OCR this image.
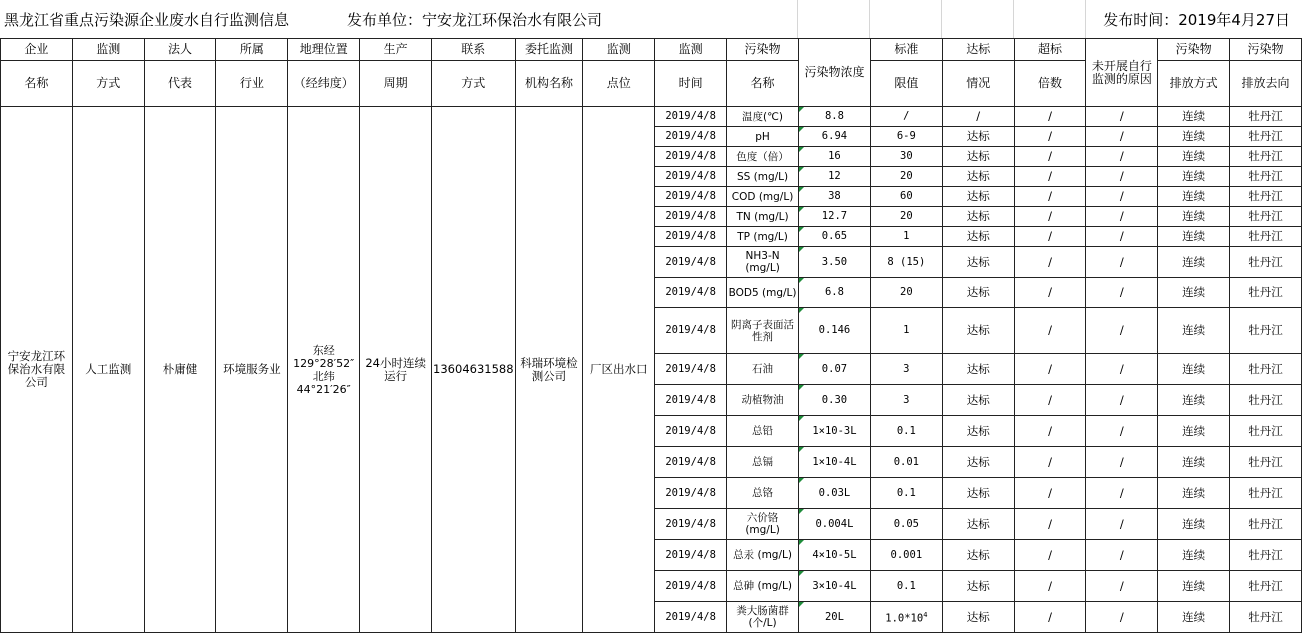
黑龙江省重点污染源企业废水自行监测信息	发布单位：宁安龙江环保治水有限公司	发布时间：2019年4月27日
企业	监测	法人	所属	地理位置	生产	联系	委托监测	监测	监测	污染物	污染物浓度	标准	达标	超标	未开展自行监测的原因	污染物	污染物
名称	方式	代表	行业	（经纬度）	周期	方式	机构名称	点位	时间	名称		限值	情况	倍数		排放方式	排放去向
宁安龙江环保治水有限公司	人工监测	朴庸健	环境服务业	东经
129°28′52″北纬
44°21′26″	24小时连续运行	13604631588	科瑞环境检测公司	厂区出水口	2019/4/8	温度(℃)	8.8	/	/	/	/	连续	牡丹江
									2019/4/8	pH	6.94	6-9	达标	/	/	连续	牡丹江
									2019/4/8	色度（倍）	16	30	达标	/	/	连续	牡丹江
									2019/4/8	SS (mg/L)	12	20	达标	/	/	连续	牡丹江
									2019/4/8	COD (mg/L)	38	60	达标	/	/	连续	牡丹江
									2019/4/8	TN (mg/L)	12.7	20	达标	/	/	连续	牡丹江
									2019/4/8	TP (mg/L)	0.65	1	达标	/	/	连续	牡丹江
									2019/4/8	NH3-N (mg/L)	3.50	8 (15)	达标	/	/	连续	牡丹江
									2019/4/8	BOD5 (mg/L)	6.8	20	达标	/	/	连续	牡丹江
									2019/4/8	阴离子表面活性剂	0.146	1	达标	/	/	连续	牡丹江
									2019/4/8	石油	0.07	3	达标	/	/	连续	牡丹江
									2019/4/8	动植物油	0.30	3	达标	/	/	连续	牡丹江
									2019/4/8	总铅	1×10-3L	0.1	达标	/	/	连续	牡丹江
									2019/4/8	总镉	1×10-4L	0.01	达标	/	/	连续	牡丹江
									2019/4/8	总铬	0.03L	0.1	达标	/	/	连续	牡丹江
									2019/4/8	六价铬 (mg/L)	0.004L	0.05	达标	/	/	连续	牡丹江
									2019/4/8	总汞 (mg/L)	4×10-5L	0.001	达标	/	/	连续	牡丹江
									2019/4/8	总砷 (mg/L)	3×10-4L	0.1	达标	/	/	连续	牡丹江
									2019/4/8	粪大肠菌群 (个/L)	20L	$1.0*10^4$	达标	/	/	连续	牡丹江
